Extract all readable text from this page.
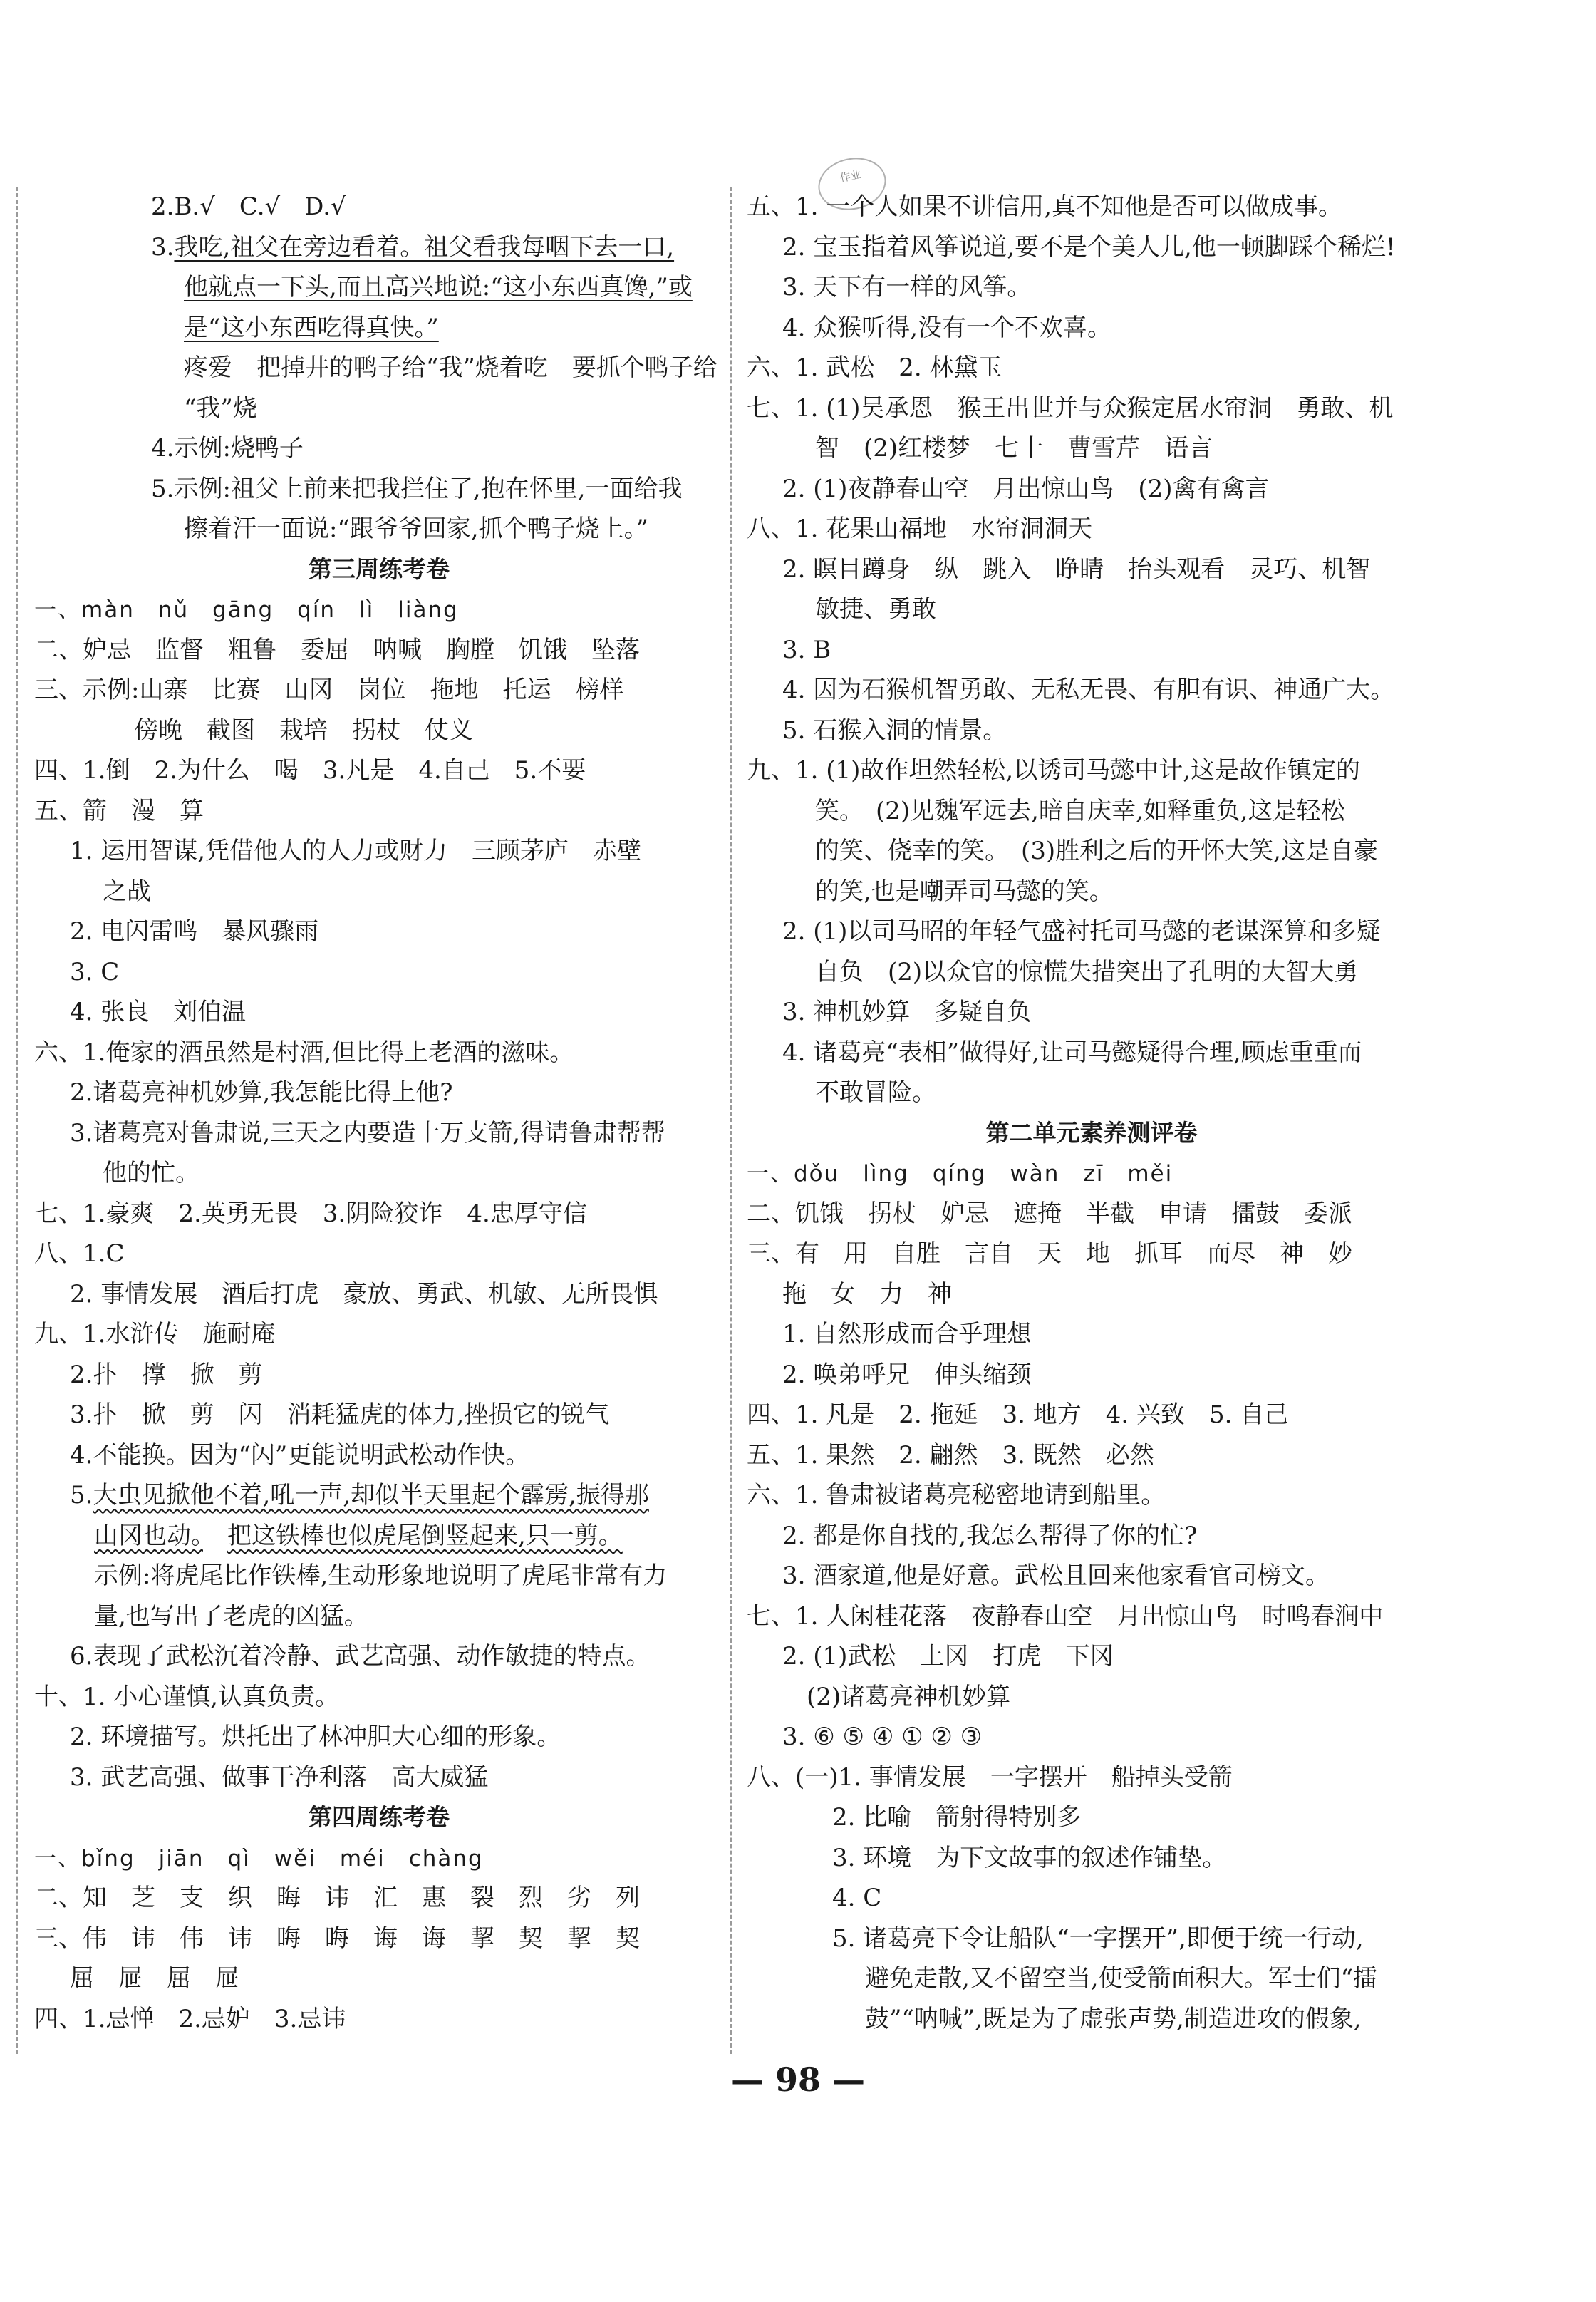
作业
2.B.√　C.√　D.√
3.我吃,祖父在旁边看着。祖父看我每咽下去一口,
他就点一下头,而且高兴地说:“这小东西真馋,”或
是“这小东西吃得真快。”
疼爱　把掉井的鸭子给“我”烧着吃　要抓个鸭子给
“我”烧
4.示例:烧鸭子
5.示例:祖父上前来把我拦住了,抱在怀里,一面给我
擦着汗一面说:“跟爷爷回家,抓个鸭子烧上。”
第三周练考卷
一、màn　nǔ　gāng　qín　lì　liàng
二、妒忌　监督　粗鲁　委屈　呐喊　胸膛　饥饿　坠落
三、示例:山寨　比赛　山冈　岗位　拖地　托运　榜样
傍晚　截图　栽培　拐杖　仗义
四、1.倒　2.为什么　喝　3.凡是　4.自己　5.不要
五、箭　漫　算
1. 运用智谋,凭借他人的人力或财力　三顾茅庐　赤壁
之战
2. 电闪雷鸣　暴风骤雨
3. C
4. 张良　刘伯温
六、1.俺家的酒虽然是村酒,但比得上老酒的滋味。
2.诸葛亮神机妙算,我怎能比得上他?
3.诸葛亮对鲁肃说,三天之内要造十万支箭,得请鲁肃帮帮
他的忙。
七、1.豪爽　2.英勇无畏　3.阴险狡诈　4.忠厚守信
八、1.C
2. 事情发展　酒后打虎　豪放、勇武、机敏、无所畏惧
九、1.水浒传　施耐庵
2.扑　撑　掀　剪
3.扑　掀　剪　闪　消耗猛虎的体力,挫损它的锐气
4.不能换。因为“闪”更能说明武松动作快。
5.大虫见掀他不着,吼一声,却似半天里起个霹雳,振得那
山冈也动。　 把这铁棒也似虎尾倒竖起来,只一剪。
示例:将虎尾比作铁棒,生动形象地说明了虎尾非常有力
量,也写出了老虎的凶猛。
6.表现了武松沉着冷静、武艺高强、动作敏捷的特点。
十、1. 小心谨慎,认真负责。
2. 环境描写。烘托出了林冲胆大心细的形象。
3. 武艺高强、做事干净利落　高大威猛
第四周练考卷
一、bǐng　jiān　qì　wěi　méi　chàng
二、知　芝　支　织　晦　讳　汇　惠　裂　烈　劣　列
三、伟　讳　伟　讳　晦　晦　诲　诲　挈　契　挈　契
屈　屉　屈　屉
四、1.忌惮　2.忌妒　3.忌讳
五、1. 一个人如果不讲信用,真不知他是否可以做成事。
2. 宝玉指着风筝说道,要不是个美人儿,他一顿脚踩个稀烂!
3. 天下有一样的风筝。
4. 众猴听得,没有一个不欢喜。
六、1. 武松　2. 林黛玉
七、1. (1)吴承恩　猴王出世并与众猴定居水帘洞　勇敢、机
智　(2)红楼梦　七十　曹雪芹　语言
2. (1)夜静春山空　月出惊山鸟　(2)禽有禽言
八、1. 花果山福地　水帘洞洞天
2. 瞑目蹲身　纵　跳入　睁睛　抬头观看　灵巧、机智
敏捷、勇敢
3. B
4. 因为石猴机智勇敢、无私无畏、有胆有识、神通广大。
5. 石猴入洞的情景。
九、1. (1)故作坦然轻松,以诱司马懿中计,这是故作镇定的
笑。　(2)见魏军远去,暗自庆幸,如释重负,这是轻松
的笑、侥幸的笑。　(3)胜利之后的开怀大笑,这是自豪
的笑,也是嘲弄司马懿的笑。
2. (1)以司马昭的年轻气盛衬托司马懿的老谋深算和多疑
自负　(2)以众官的惊慌失措突出了孔明的大智大勇
3. 神机妙算　多疑自负
4. 诸葛亮“表相”做得好,让司马懿疑得合理,顾虑重重而
不敢冒险。
第二单元素养测评卷
一、dǒu　lìng　qíng　wàn　zī　měi
二、饥饿　拐杖　妒忌　遮掩　半截　申请　擂鼓　委派
三、有　用　自胜　言自　天　地　抓耳　而尽　神　妙
拖　女　力　神
1. 自然形成而合乎理想
2. 唤弟呼兄　伸头缩颈
四、1. 凡是　2. 拖延　3. 地方　4. 兴致　5. 自己
五、1. 果然　2. 翩然　3. 既然　必然
六、1. 鲁肃被诸葛亮秘密地请到船里。
2. 都是你自找的,我怎么帮得了你的忙?
3. 酒家道,他是好意。武松且回来他家看官司榜文。
七、1. 人闲桂花落　夜静春山空　月出惊山鸟　时鸣春涧中
2. (1)武松　上冈　打虎　下冈
(2)诸葛亮神机妙算
3. ⑥ ⑤ ④ ① ② ③
八、(一)1. 事情发展　一字摆开　船掉头受箭
2. 比喻　箭射得特别多
3. 环境　为下文故事的叙述作铺垫。
4. C
5. 诸葛亮下令让船队“一字摆开”,即便于统一行动,
避免走散,又不留空当,使受箭面积大。军士们“擂
鼓”“呐喊”,既是为了虚张声势,制造进攻的假象,
— 98 —
